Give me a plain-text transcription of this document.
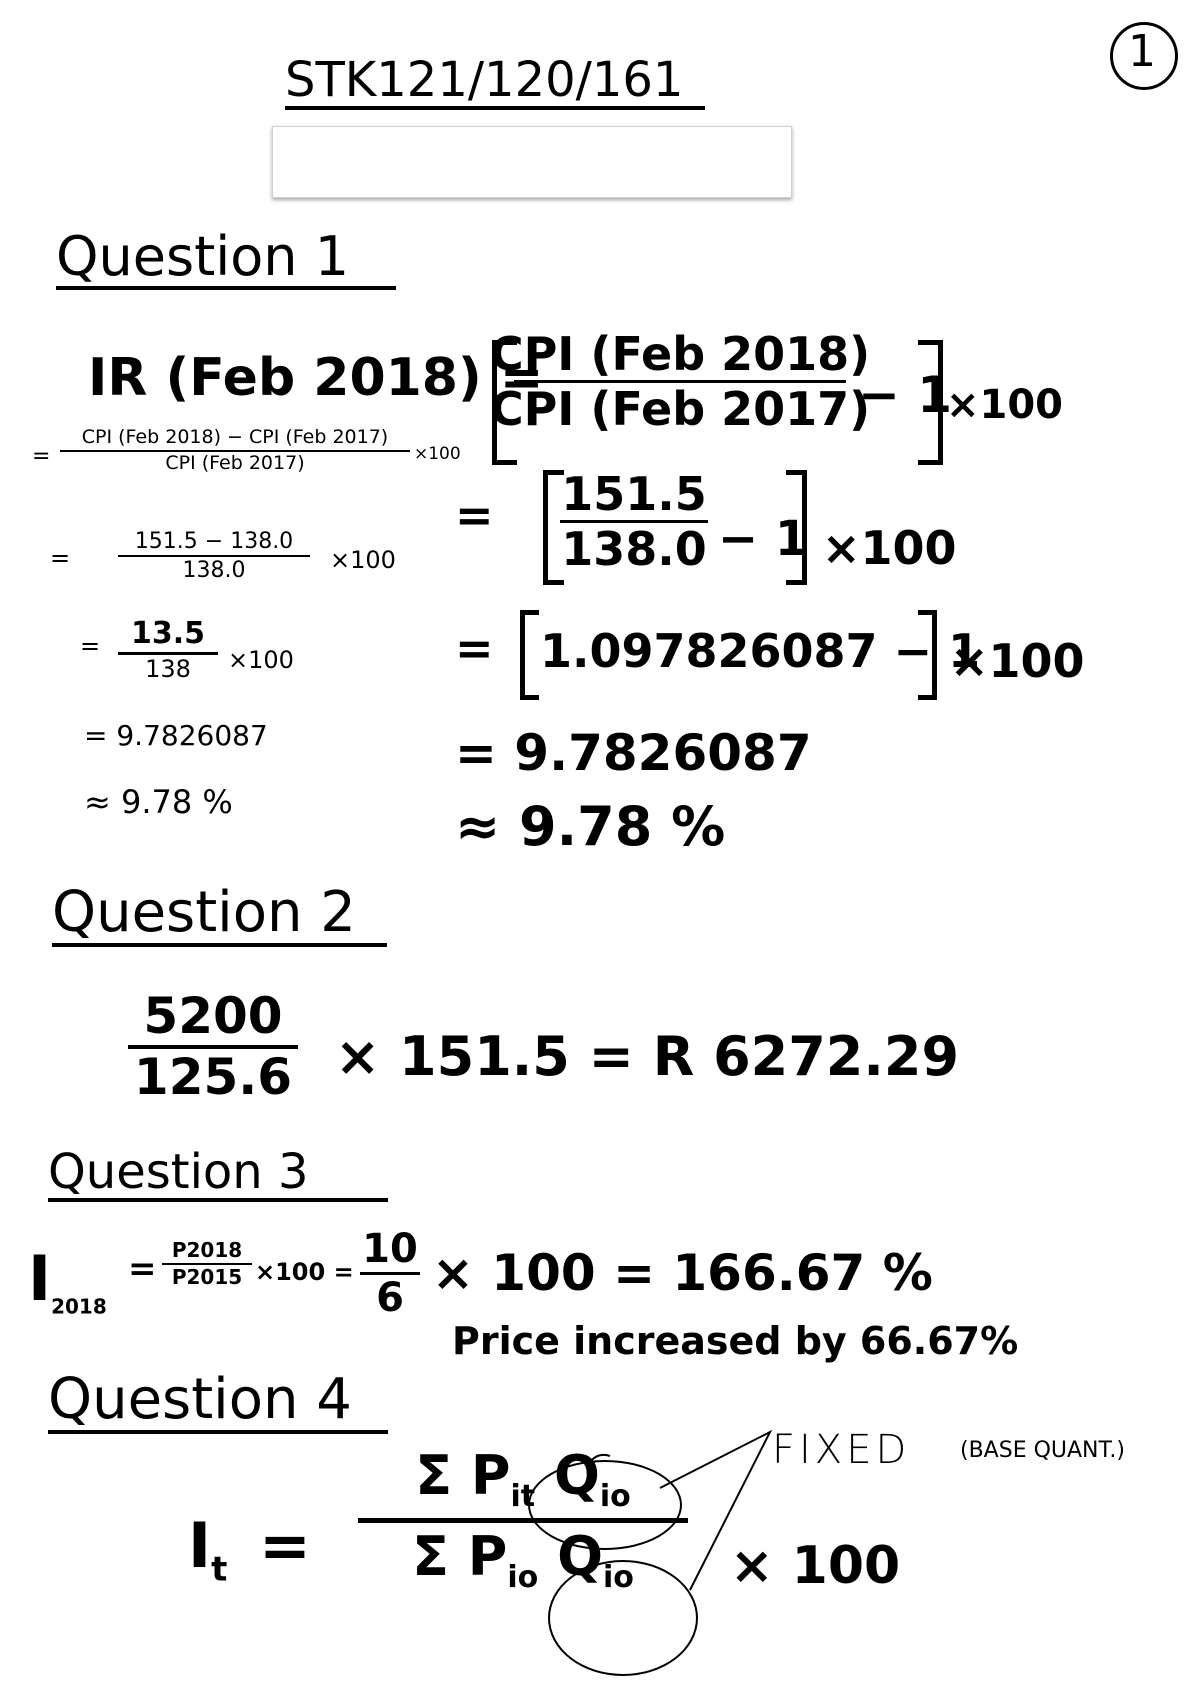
STK121/120/161
1
Question 1
IR (Feb 2018) =
CPI (Feb 2018)
CPI (Feb 2017)
− 1
×100
= 151.5
138.0 − 1 ×100
= 1.097826087 − 1
×100
= 9.7826087
≈ 9.78 %
=
CPI (Feb 2018) − CPI (Feb 2017)
CPI (Feb 2017)	×100
=
151.5 − 138.0
138.0	×100
= 13.5
138 ×100
= 9.7826087
≈ 9.78 %
Question 2
5200
125.6 × 151.5 = R 6272.29
Question 3
$I_{2018}$
= P2018
P2015 ×100 = 10
6 × 100 = 166.67 %
Price increased by 66.67%
Question 4
$I_t$ =
Σ $P_{it}$ $Q_{io}$
Σ $P_{io}$ $Q_{io} \times 100$
FIXED (BASE QUANT.)
